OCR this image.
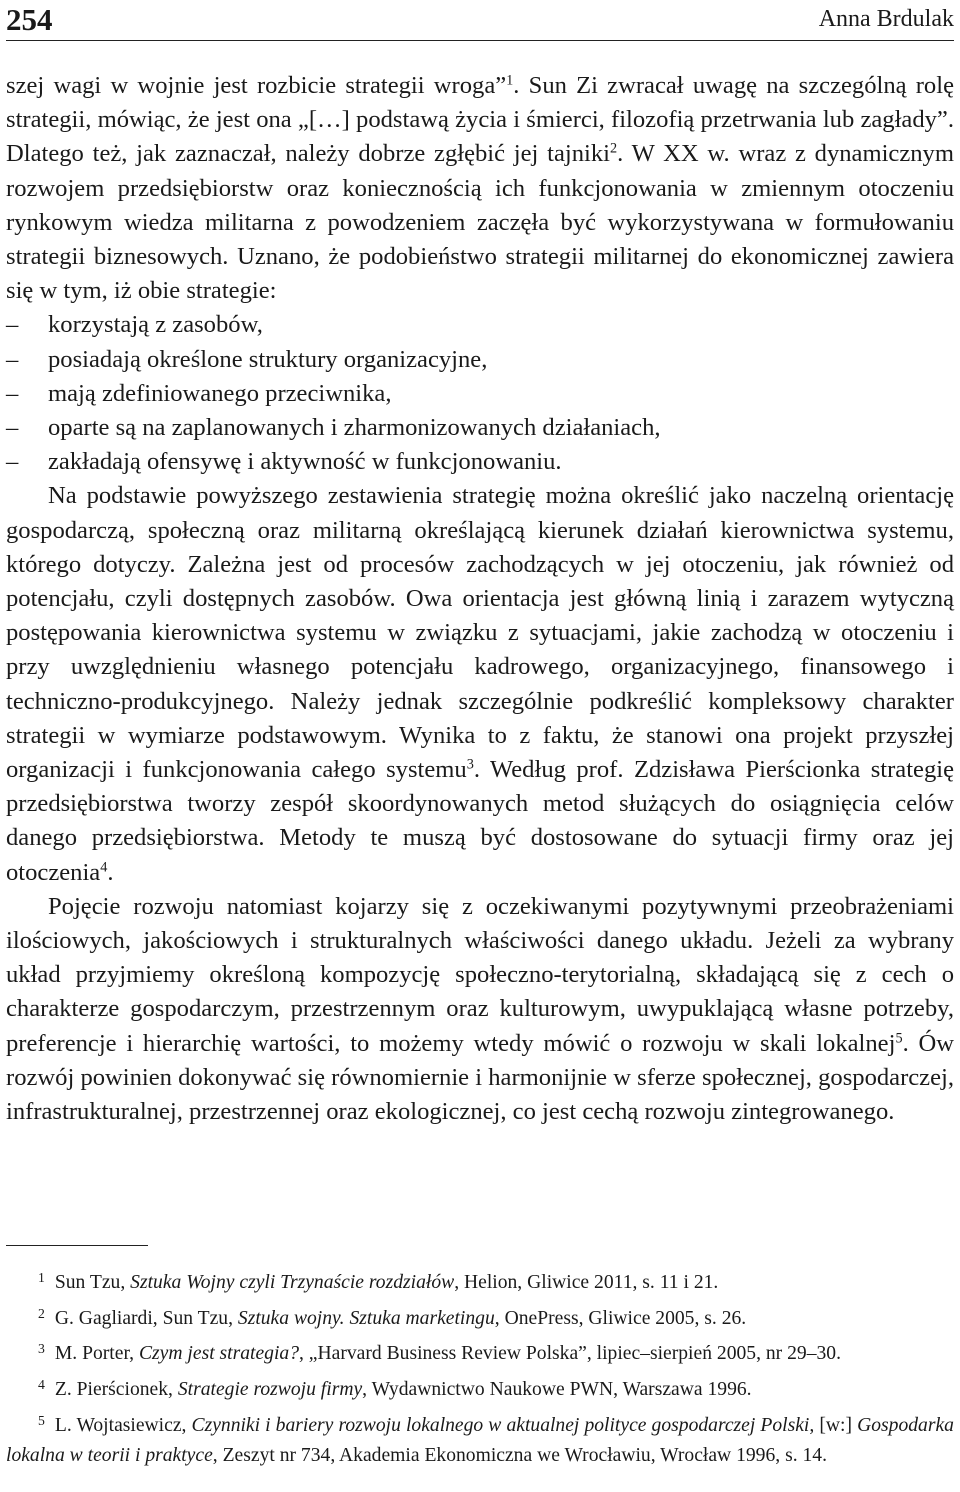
254	Anna Brdulak

szej wagi w wojnie jest rozbicie strategii wroga”$^1$. Sun Zi zwracał uwagę na szczególną rolę strategii, mówiąc, że jest ona „[…] podstawą życia i śmierci, filozofią przetrwania lub zagłady”. Dlatego też, jak zaznaczał, należy dobrze zgłębić jej tajniki$^2$. W XX w. wraz z dynamicznym rozwojem przedsiębiorstw oraz koniecznością ich funkcjonowania w zmiennym otoczeniu rynkowym wiedza militarna z powodzeniem zaczęła być wykorzystywana w formułowaniu strategii biznesowych. Uznano, że podobieństwo strategii militarnej do ekonomicznej zawiera się w tym, iż obie strategie:

– korzystają z zasobów,
– posiadają określone struktury organizacyjne,
– mają zdefiniowanego przeciwnika,
– oparte są na zaplanowanych i zharmonizowanych działaniach,
– zakładają ofensywę i aktywność w funkcjonowaniu.

Na podstawie powyższego zestawienia strategię można określić jako naczelną orientację gospodarczą, społeczną oraz militarną określającą kierunek działań kierownictwa systemu, którego dotyczy. Zależna jest od procesów zachodzących w jej otoczeniu, jak również od potencjału, czyli dostępnych zasobów. Owa orientacja jest główną linią i zarazem wytyczną postępowania kierownictwa systemu w związku z sytuacjami, jakie zachodzą w otoczeniu i przy uwzględnieniu własnego potencjału kadrowego, organizacyjnego, finansowego i techniczno-produkcyjnego. Należy jednak szczególnie podkreślić kompleksowy charakter strategii w wymiarze podstawowym. Wynika to z faktu, że stanowi ona projekt przyszłej organizacji i funkcjonowania całego systemu$^3$. Według prof. Zdzisława Pierścionka strategię przedsiębiorstwa tworzy zespół skoordynowanych metod służących do osiągnięcia celów danego przedsiębiorstwa. Metody te muszą być dostosowane do sytuacji firmy oraz jej otoczenia$^4$.

Pojęcie rozwoju natomiast kojarzy się z oczekiwanymi pozytywnymi przeobrażeniami ilościowych, jakościowych i strukturalnych właściwości danego układu. Jeżeli za wybrany układ przyjmiemy określoną kompozycję społeczno-terytorialną, składającą się z cech o charakterze gospodarczym, przestrzennym oraz kulturowym, uwypuklającą własne potrzeby, preferencje i hierarchię wartości, to możemy wtedy mówić o rozwoju w skali lokalnej$^5$. Ów rozwój powinien dokonywać się równomiernie i harmonijnie w sferze społecznej, gospodarczej, infrastrukturalnej, przestrzennej oraz ekologicznej, co jest cechą rozwoju zintegrowanego.

$^1$ Sun Tzu, Sztuka Wojny czyli Trzynaście rozdziałów, Helion, Gliwice 2011, s. 11 i 21.

$^2$ G. Gagliardi, Sun Tzu, Sztuka wojny. Sztuka marketingu, OnePress, Gliwice 2005, s. 26.

$^3$ M. Porter, Czym jest strategia?, „Harvard Business Review Polska”, lipiec–sierpień 2005, nr 29–30.

$^4$ Z. Pierścionek, Strategie rozwoju firmy, Wydawnictwo Naukowe PWN, Warszawa 1996.

$^5$ L. Wojtasiewicz, Czynniki i bariery rozwoju lokalnego w aktualnej polityce gospodarczej Polski, [w:] Gospodarka lokalna w teorii i praktyce, Zeszyt nr 734, Akademia Ekonomiczna we Wrocławiu, Wrocław 1996, s. 14.
